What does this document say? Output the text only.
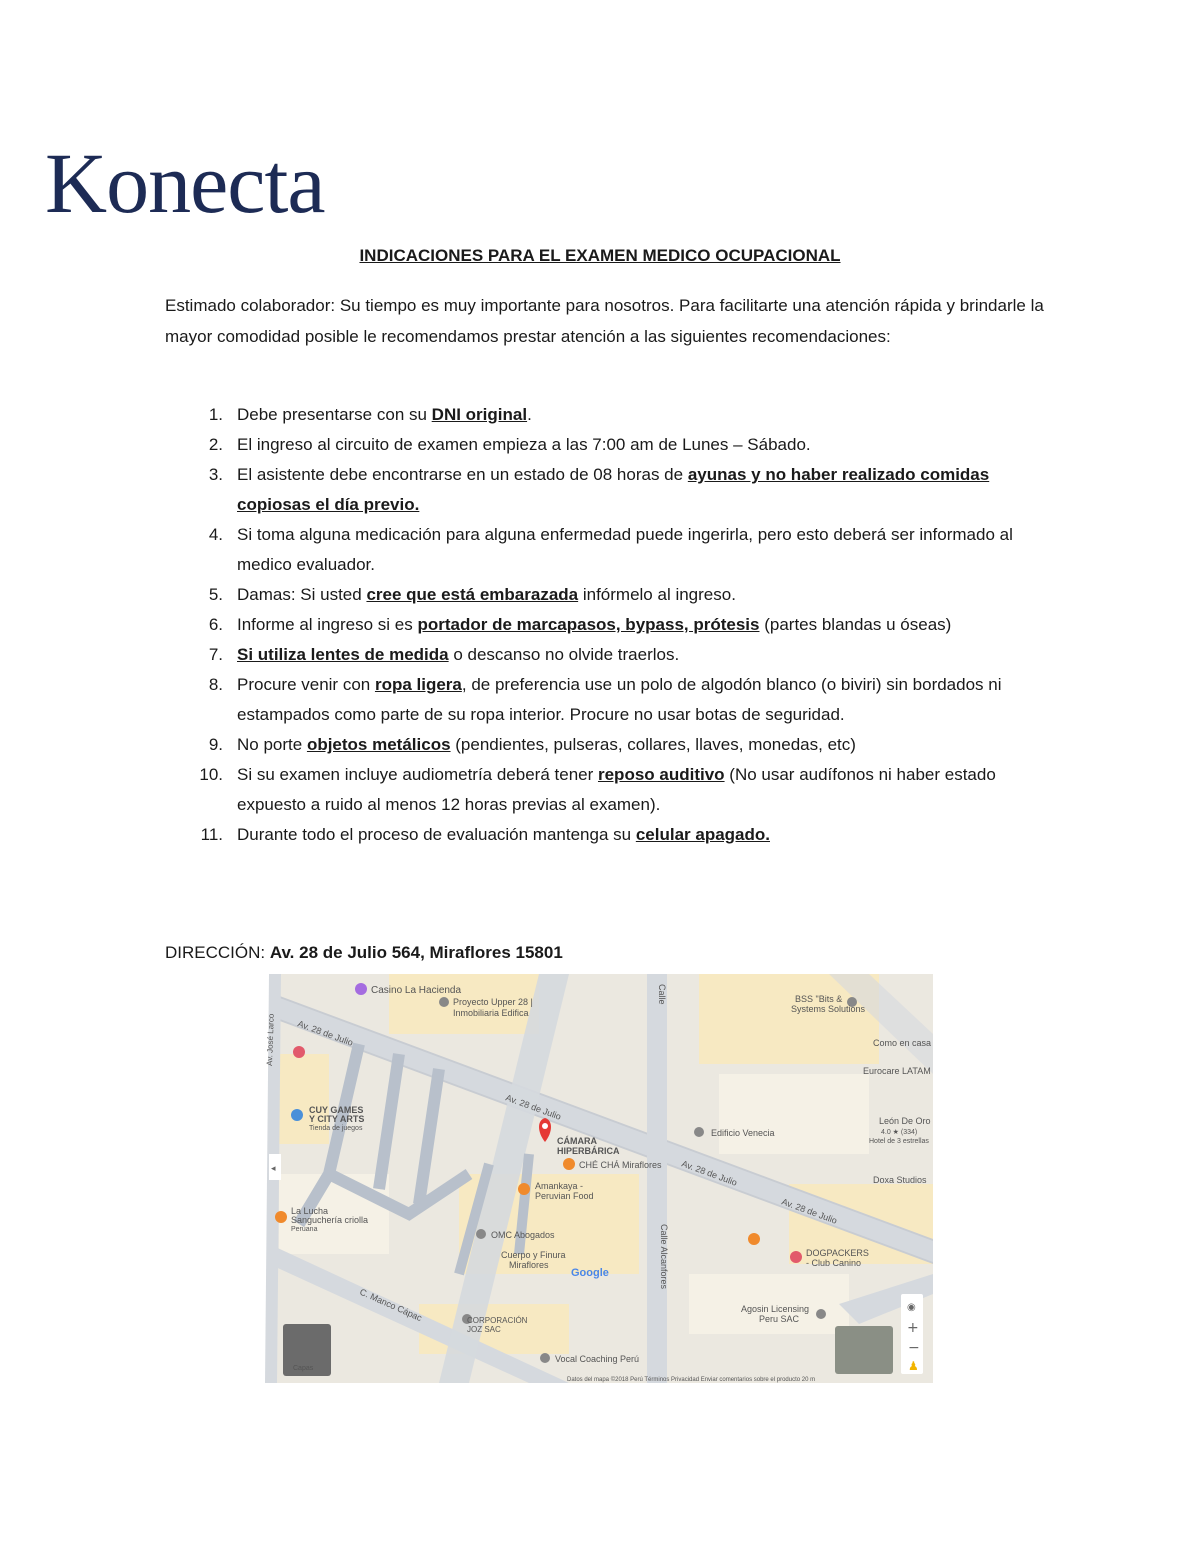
Konecta
INDICACIONES PARA EL EXAMEN MEDICO OCUPACIONAL
Estimado colaborador: Su tiempo es muy importante para nosotros. Para facilitarte una atención rápida y brindarle la mayor comodidad posible le recomendamos prestar atención a las siguientes recomendaciones:
1. Debe presentarse con su DNI original.
2. El ingreso al circuito de examen empieza a las 7:00 am de Lunes – Sábado.
3. El asistente debe encontrarse en un estado de 08 horas de ayunas y no haber realizado comidas copiosas el día previo.
4. Si toma alguna medicación para alguna enfermedad puede ingerirla, pero esto deberá ser informado al medico evaluador.
5. Damas: Si usted cree que está embarazada infórmelo al ingreso.
6. Informe al ingreso si es portador de marcapasos, bypass, prótesis (partes blandas u óseas)
7. Si utiliza lentes de medida o descanso no olvide traerlos.
8. Procure venir con ropa ligera, de preferencia use un polo de algodón blanco (o biviri) sin bordados ni estampados como parte de su ropa interior. Procure no usar botas de seguridad.
9. No porte objetos metálicos (pendientes, pulseras, collares, llaves, monedas, etc)
10. Si su examen incluye audiometría deberá tener reposo auditivo (No usar audífonos ni haber estado expuesto a ruido al menos 12 horas previas al examen).
11. Durante todo el proceso de evaluación mantenga su celular apagado.
DIRECCIÓN: Av. 28 de Julio 564, Miraflores 15801
Casino La Hacienda
Proyecto Upper 28 |
Inmobiliaria Edifica
BSS "Bits &
Systems Solutions
Como en casa
Eurocare LATAM
León De Oro
4.0 ★ (334)
Hotel de 3 estrellas
CUY GAMES
Y CITY ARTS
Tienda de juegos	Edificio Venecia
CÁMARA
HIPERBÁRICA
CHÉ CHÁ Miraflores
Amankaya -
Peruvian Food
Doxa Studios
La Lucha
Sanguchería criolla
Peruana
OMC Abogados
Cuerpo y Finura
Miraflores
DOGPACKERS
- Club Canino
Agosin Licensing
Peru SAC
CORPORACIÓN
JOZ SAC
Vocal Coaching Perú
Av. 28 de Julio
Av. 28 de Julio
Av. 28 de Julio
Av. 28 de Julio
Calle Alcanfores
Calle
Av. José Larco
C. Manco Cápac
Google
Capas
Datos del mapa ©2018 Perú Términos Privacidad Enviar comentarios sobre el producto 20 m
◉
+
−
♟
◂
